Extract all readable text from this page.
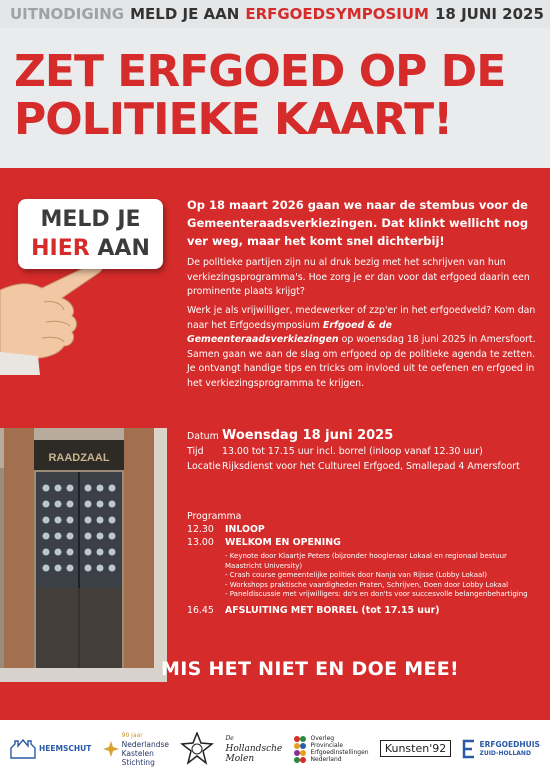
UITNODIGING MELD JE AAN ERFGOEDSYMPOSIUM 18 JUNI 2025
ZET ERFGOED OP DE
POLITIEKE KAART!
MELD JE
HIER AAN
Op 18 maart 2026 gaan we naar de stembus voor de Gemeenteraadsverkiezingen. Dat klinkt wellicht nog ver weg, maar het komt snel dichterbij!
De politieke partijen zijn nu al druk bezig met het schrijven van hun verkiezingsprogramma's. Hoe zorg je er dan voor dat erfgoed daarin een prominente plaats krijgt?
Werk je als vrijwilliger, medewerker of zzp'er in het erfgoedveld? Kom dan naar het Erfgoedsymposium Erfgoed & de Gemeenteraadsverkiezingen op woensdag 18 juni 2025 in Amersfoort. Samen gaan we aan de slag om erfgoed op de politieke agenda te zetten. Je ontvangt handige tips en tricks om invloed uit te oefenen en erfgoed in het verkiezingsprogramma te krijgen.
RAADZAAL
Datum Woensdag 18 juni 2025
Tijd	13.00 tot 17.15 uur incl. borrel (inloop vanaf 12.30 uur)
Locatie Rijksdienst voor het Cultureel Erfgoed, Smallepad 4 Amersfoort
Programma
12.30	INLOOP
13.00	WELKOM EN OPENING
- Keynote door Klaartje Peters (bijzonder hoogleraar Lokaal en regionaal bestuur Maastricht University)
- Crash course gemeentelijke politiek door Nanja van Rijsse (Lobby Lokaal)
- Workshops praktische vaardigheden Praten, Schrijven, Doen door Lobby Lokaal
- Paneldiscussie met vrijwilligers: do's en don'ts voor succesvolle belangenbehartiging
16.45	AFSLUITING MET BORREL (tot 17.15 uur)
MIS HET NIET EN DOE MEE!
HEEMSCHUT
90 jaar
Nederlandse
Kastelen
Stichting
De
Hollandsche
Molen
Overleg
Provinciale
Erfgoedinstellingen
Nederland
Kunsten'92	ERFGOEDHUIS
ZUID-HOLLAND
